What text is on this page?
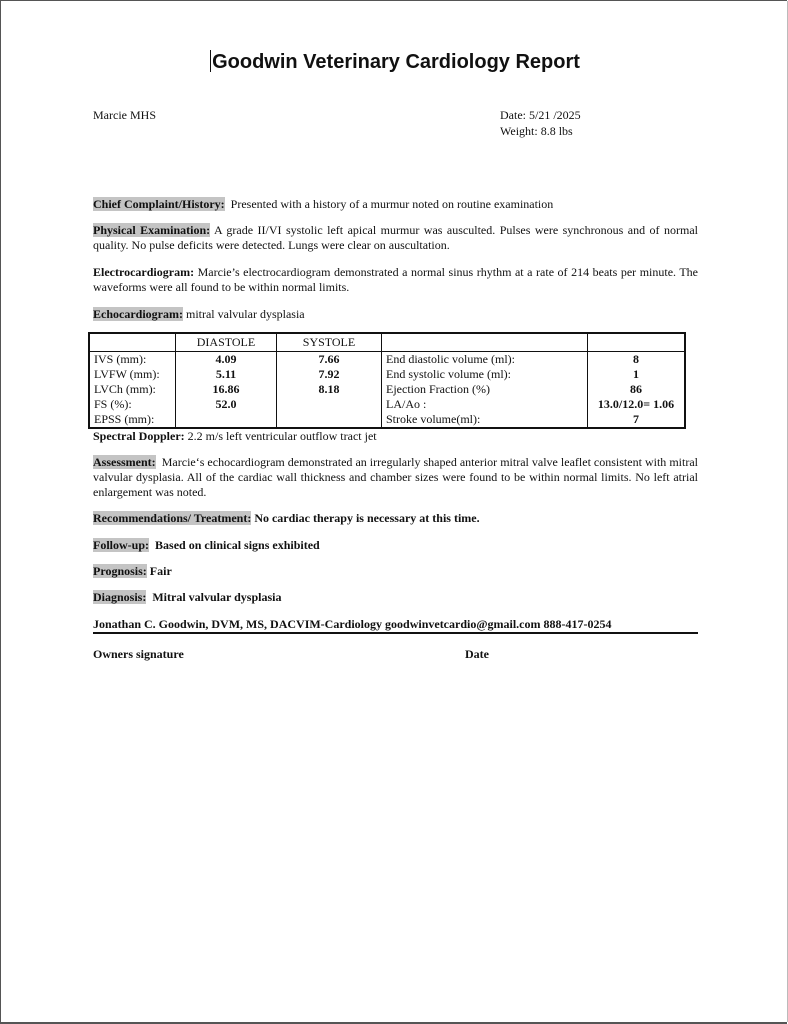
Goodwin Veterinary Cardiology Report
Marcie MHS	Date: 5/21 /2025
Weight: 8.8 lbs
Chief Complaint/History: Presented with a history of a murmur noted on routine examination
Physical Examination: A grade II/VI systolic left apical murmur was ausculted. Pulses were synchronous and of normal quality. No pulse deficits were detected. Lungs were clear on auscultation.
Electrocardiogram: Marcie’s electrocardiogram demonstrated a normal sinus rhythm at a rate of 214 beats per minute. The waveforms were all found to be within normal limits.
Echocardiogram: mitral valvular dysplasia
	DIASTOLE	SYSTOLE		
IVS (mm):	4.09	7.66	End diastolic volume (ml):	8
LVFW (mm):	5.11	7.92	End systolic volume (ml):	1
LVCh (mm):	16.86	8.18	Ejection Fraction (%)	86
FS (%):	52.0		LA/Ao :	13.0/12.0= 1.06
EPSS (mm):			Stroke volume(ml):	7
Spectral Doppler: 2.2 m/s left ventricular outflow tract jet
Assessment: Marcie‘s echocardiogram demonstrated an irregularly shaped anterior mitral valve leaflet consistent with mitral valvular dysplasia. All of the cardiac wall thickness and chamber sizes were found to be within normal limits. No left atrial enlargement was noted.
Recommendations/ Treatment: No cardiac therapy is necessary at this time.
Follow-up: Based on clinical signs exhibited
Prognosis: Fair
Diagnosis: Mitral valvular dysplasia
Jonathan C. Goodwin, DVM, MS, DACVIM-Cardiology goodwinvetcardio@gmail.com 888-417-0254
Owners signature	Date
